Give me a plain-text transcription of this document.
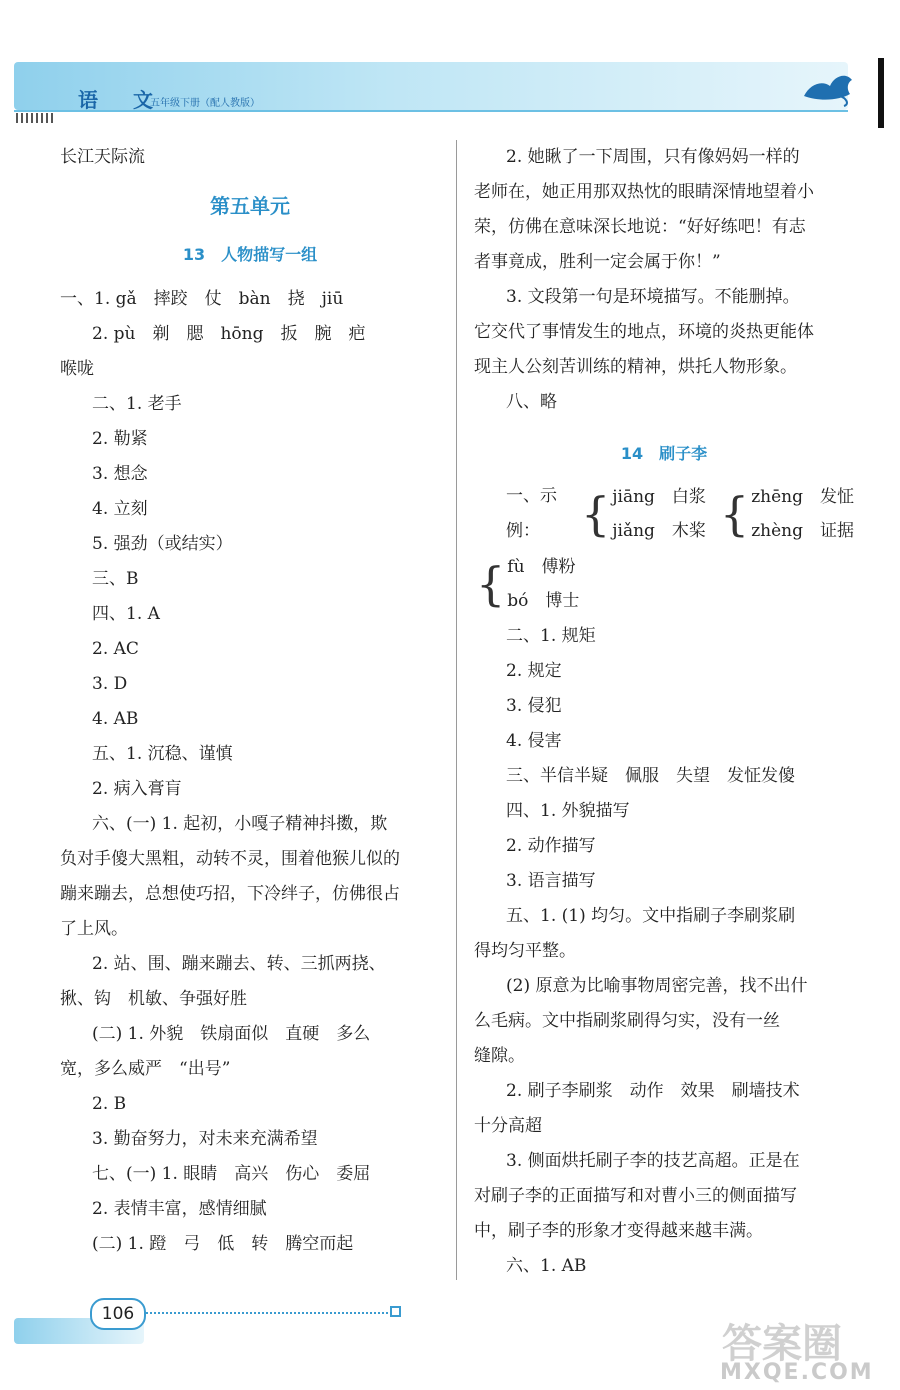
语 文
五年级下册（配人教版）

长江天际流

第五单元

13　人物描写一组

一、1. gǎ　摔跤　仗　bàn　挠　jiū

2. pù　剃　腮　hōng　扳　腕　疤

喉咙

二、1. 老手

2. 勒紧

3. 想念

4. 立刻

5. 强劲（或结实）

三、B

四、1. A

2. AC

3. D

4. AB

五、1. 沉稳、谨慎

2. 病入膏肓

六、(一) 1. 起初，小嘎子精神抖擞，欺

负对手傻大黑粗，动转不灵，围着他猴儿似的

蹦来蹦去，总想使巧招，下冷绊子，仿佛很占

了上风。

2. 站、围、蹦来蹦去、转、三抓两挠、

揪、钩　机敏、争强好胜

(二) 1. 外貌　铁扇面似　直硬　多么

宽，多么威严　“出号”

2. B

3. 勤奋努力，对未来充满希望

七、(一) 1. 眼睛　高兴　伤心　委屈

2. 表情丰富，感情细腻

(二) 1. 蹬　弓　低　转　腾空而起

2. 她瞅了一下周围，只有像妈妈一样的

老师在，她正用那双热忱的眼睛深情地望着小

荣，仿佛在意味深长地说：“好好练吧！有志

者事竟成，胜利一定会属于你！”

3. 文段第一句是环境描写。不能删掉。

它交代了事情发生的地点，环境的炎热更能体

现主人公刻苦训练的精神，烘托人物形象。

八、略

14　刷子李

一、示例： { jiāng　白浆
jiǎng　木桨 { zhēng　发怔
zhèng　证据
{ fù　傅粉
bó　博士

二、1. 规矩

2. 规定

3. 侵犯

4. 侵害

三、半信半疑　佩服　失望　发怔发傻

四、1. 外貌描写

2. 动作描写

3. 语言描写

五、1. (1) 均匀。文中指刷子李刷浆刷

得均匀平整。

(2) 原意为比喻事物周密完善，找不出什

么毛病。文中指刷浆刷得匀实，没有一丝

缝隙。

2. 刷子李刷浆　动作　效果　刷墙技术

十分高超

3. 侧面烘托刷子李的技艺高超。正是在

对刷子李的正面描写和对曹小三的侧面描写

中，刷子李的形象才变得越来越丰满。

六、1. AB

106
答案圈
MXQE.COM
